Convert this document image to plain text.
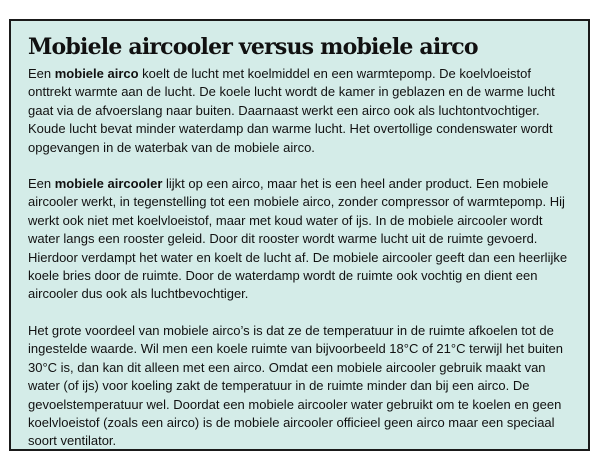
Mobiele aircooler versus mobiele airco

Een mobiele airco koelt de lucht met koelmiddel en een warmtepomp. De koelvloeistof onttrekt warmte aan de lucht. De koele lucht wordt de kamer in geblazen en de warme lucht gaat via de afvoerslang naar buiten. Daarnaast werkt een airco ook als luchtontvochtiger. Koude lucht bevat minder waterdamp dan warme lucht. Het overtollige condenswater wordt opgevangen in de waterbak van de mobiele airco.

Een mobiele aircooler lijkt op een airco, maar het is een heel ander product. Een mobiele aircooler werkt, in tegenstelling tot een mobiele airco, zonder compressor of warmtepomp. Hij werkt ook niet met koelvloeistof, maar met koud water of ijs. In de mobiele aircooler wordt water langs een rooster geleid. Door dit rooster wordt warme lucht uit de ruimte gevoerd. Hierdoor verdampt het water en koelt de lucht af. De mobiele aircooler geeft dan een heerlijke koele bries door de ruimte. Door de waterdamp wordt de ruimte ook vochtig en dient een aircooler dus ook als luchtbevochtiger.

Het grote voordeel van mobiele airco’s is dat ze de temperatuur in de ruimte afkoelen tot de ingestelde waarde. Wil men een koele ruimte van bijvoorbeeld 18°C of 21°C terwijl het buiten 30°C is, dan kan dit alleen met een airco. Omdat een mobiele aircooler gebruik maakt van water (of ijs) voor koeling zakt de temperatuur in de ruimte minder dan bij een airco. De gevoelstemperatuur wel. Doordat een mobiele aircooler water gebruikt om te koelen en geen koelvloeistof (zoals een airco) is de mobiele aircooler officieel geen airco maar een speciaal soort ventilator.
